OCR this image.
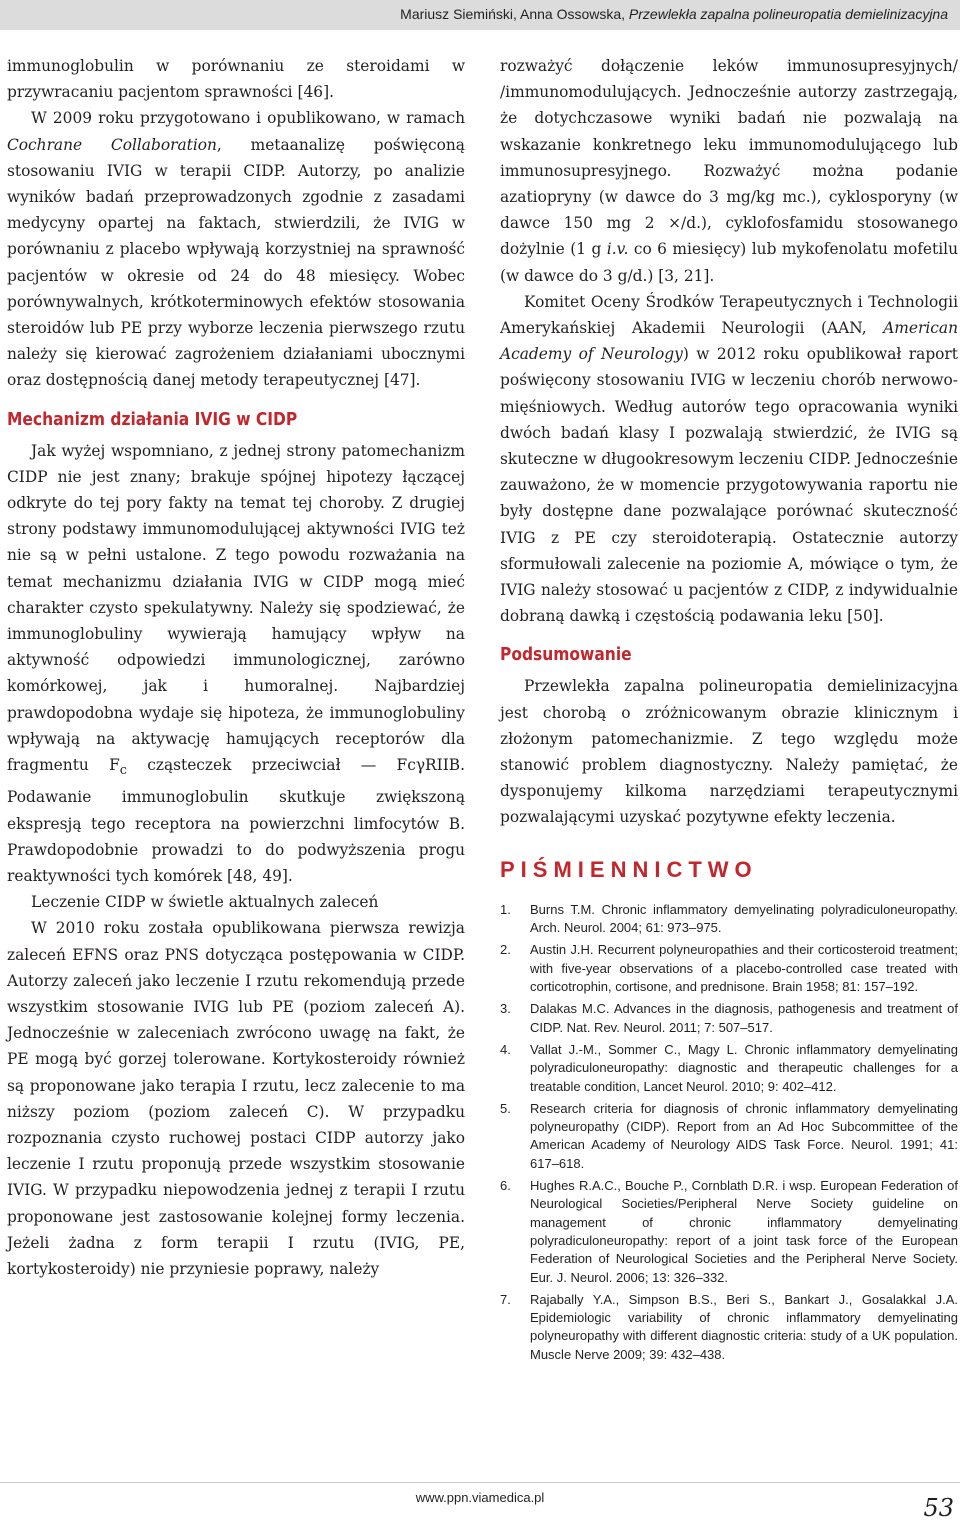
Mariusz Siemiński, Anna Ossowska, Przewlekła zapalna polineuropatia demielinizacyjna

immunoglobulin w porównaniu ze steroidami w przywracaniu pacjentom sprawności [46].

W 2009 roku przygotowano i opublikowano, w ramach Cochrane Collaboration, metaanalizę poświęconą stosowaniu IVIG w terapii CIDP. Autorzy, po analizie wyników badań przeprowadzonych zgodnie z zasadami medycyny opartej na faktach, stwierdzili, że IVIG w porównaniu z placebo wpływają korzystniej na sprawność pacjentów w okresie od 24 do 48 miesięcy. Wobec porównywalnych, krótkoterminowych efektów stosowania steroidów lub PE przy wyborze leczenia pierwszego rzutu należy się kierować zagrożeniem działaniami ubocznymi oraz dostępnością danej metody terapeutycznej [47].

Mechanizm działania IVIG w CIDP

Jak wyżej wspomniano, z jednej strony patomechanizm CIDP nie jest znany; brakuje spójnej hipotezy łączącej odkryte do tej pory fakty na temat tej choroby. Z drugiej strony podstawy immunomodulującej aktywności IVIG też nie są w pełni ustalone. Z tego powodu rozważania na temat mechanizmu działania IVIG w CIDP mogą mieć charakter czysto spekulatywny. Należy się spodziewać, że immunoglobuliny wywierają hamujący wpływ na aktywność odpowiedzi immunologicznej, zarówno komórkowej, jak i humoralnej. Najbardziej prawdopodobna wydaje się hipoteza, że immunoglobuliny wpływają na aktywację hamujących receptorów dla fragmentu $F_c$ cząsteczek przeciwciał — FcγRIIB. Podawanie immunoglobulin skutkuje zwiększoną ekspresją tego receptora na powierzchni limfocytów B. Prawdopodobnie prowadzi to do podwyższenia progu reaktywności tych komórek [48, 49].

Leczenie CIDP w świetle aktualnych zaleceń

W 2010 roku została opublikowana pierwsza rewizja zaleceń EFNS oraz PNS dotycząca postępowania w CIDP. Autorzy zaleceń jako leczenie I rzutu rekomendują przede wszystkim stosowanie IVIG lub PE (poziom zaleceń A). Jednocześnie w zaleceniach zwrócono uwagę na fakt, że PE mogą być gorzej tolerowane. Kortykosteroidy również są proponowane jako terapia I rzutu, lecz zalecenie to ma niższy poziom (poziom zaleceń C). W przypadku rozpoznania czysto ruchowej postaci CIDP autorzy jako leczenie I rzutu proponują przede wszystkim stosowanie IVIG. W przypadku niepowodzenia jednej z terapii I rzutu proponowane jest zastosowanie kolejnej formy leczenia. Jeżeli żadna z form terapii I rzutu (IVIG, PE, kortykosteroidy) nie przyniesie poprawy, należy

rozważyć dołączenie leków immunosupresyjnych/ /immunomodulujących. Jednocześnie autorzy zastrzegają, że dotychczasowe wyniki badań nie pozwalają na wskazanie konkretnego leku immunomodulującego lub immunosupresyjnego. Rozważyć można podanie azatiopryny (w dawce do 3 mg/kg mc.), cyklosporyny (w dawce 150 mg 2 ×/d.), cyklofosfamidu stosowanego dożylnie (1 g i.v. co 6 miesięcy) lub mykofenolatu mofetilu (w dawce do 3 g/d.) [3, 21].

Komitet Oceny Środków Terapeutycznych i Technologii Amerykańskiej Akademii Neurologii (AAN, American Academy of Neurology) w 2012 roku opublikował raport poświęcony stosowaniu IVIG w leczeniu chorób nerwowo-mięśniowych. Według autorów tego opracowania wyniki dwóch badań klasy I pozwalają stwierdzić, że IVIG są skuteczne w długookresowym leczeniu CIDP. Jednocześnie zauważono, że w momencie przygotowywania raportu nie były dostępne dane pozwalające porównać skuteczność IVIG z PE czy steroidoterapią. Ostatecznie autorzy sformułowali zalecenie na poziomie A, mówiące o tym, że IVIG należy stosować u pacjentów z CIDP, z indywidualnie dobraną dawką i częstością podawania leku [50].

Podsumowanie

Przewlekła zapalna polineuropatia demielinizacyjna jest chorobą o zróżnicowanym obrazie klinicznym i złożonym patomechanizmie. Z tego względu może stanowić problem diagnostyczny. Należy pamiętać, że dysponujemy kilkoma narzędziami terapeutycznymi pozwalającymi uzyskać pozytywne efekty leczenia.

PIŚMIENNICTWO
1. Burns T.M. Chronic inflammatory demyelinating polyradiculoneuropathy. Arch. Neurol. 2004; 61: 973–975.
2. Austin J.H. Recurrent polyneuropathies and their corticosteroid treatment; with five-year observations of a placebo-controlled case treated with corticotrophin, cortisone, and prednisone. Brain 1958; 81: 157–192.
3. Dalakas M.C. Advances in the diagnosis, pathogenesis and treatment of CIDP. Nat. Rev. Neurol. 2011; 7: 507–517.
4. Vallat J.-M., Sommer C., Magy L. Chronic inflammatory demyelinating polyradiculoneuropathy: diagnostic and therapeutic challenges for a treatable condition, Lancet Neurol. 2010; 9: 402–412.
5. Research criteria for diagnosis of chronic inflammatory demyelinating polyneuropathy (CIDP). Report from an Ad Hoc Subcommittee of the American Academy of Neurology AIDS Task Force. Neurol. 1991; 41: 617–618.
6. Hughes R.A.C., Bouche P., Cornblath D.R. i wsp. European Federation of Neurological Societies/Peripheral Nerve Society guideline on management of chronic inflammatory demyelinating polyradiculoneuropathy: report of a joint task force of the European Federation of Neurological Societies and the Peripheral Nerve Society. Eur. J. Neurol. 2006; 13: 326–332.
7. Rajabally Y.A., Simpson B.S., Beri S., Bankart J., Gosalakkal J.A. Epidemiologic variability of chronic inflammatory demyelinating polyneuropathy with different diagnostic criteria: study of a UK population. Muscle Nerve 2009; 39: 432–438.
www.ppn.viamedica.pl	53
